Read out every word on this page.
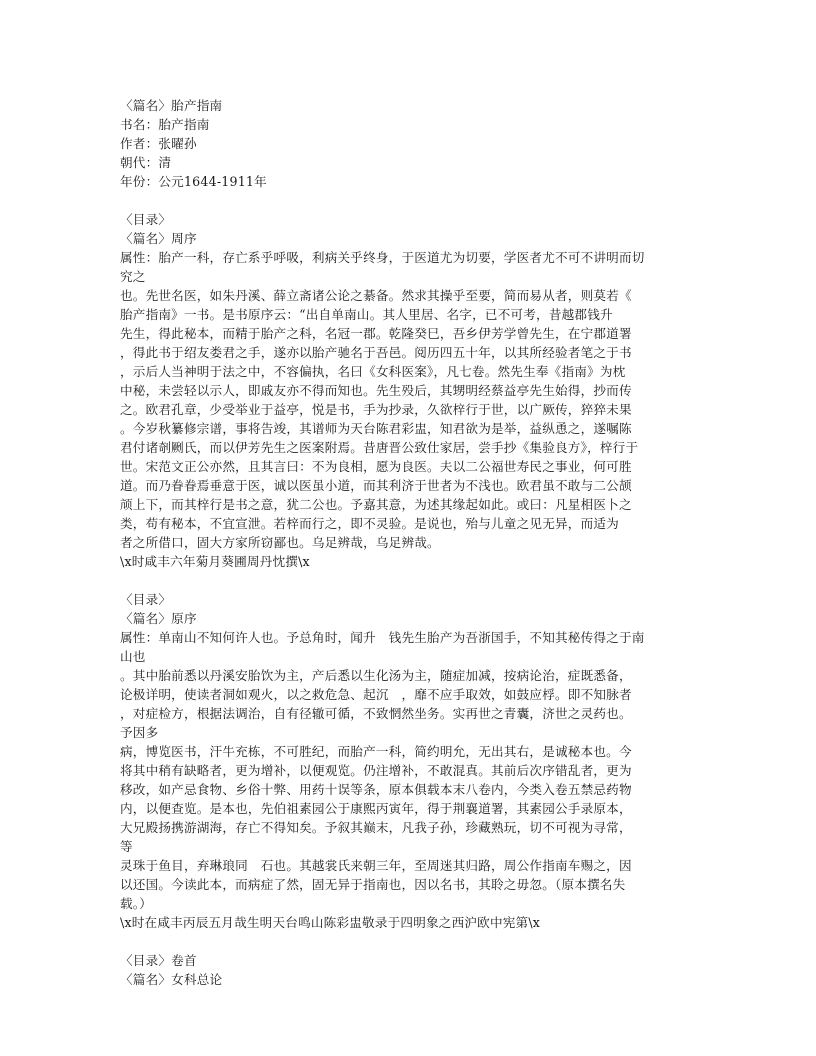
〈篇名〉胎产指南
书名：胎产指南
作者：张曜孙
朝代：清
年份：公元1644-1911年
〈目录〉
〈篇名〉周序
属性：胎产一科，存亡系乎呼吸，利病关乎终身，于医道尤为切要，学医者尤不可不讲明而切
究之
也。先世名医，如朱丹溪、薛立斋诸公论之綦备。然求其操乎至要，简而易从者，则莫若《
胎产指南》一书。是书原序云：“出自单南山。其人里居、名字，已不可考，昔越郡钱升
先生，得此秘本，而精于胎产之科，名冠一郡。乾隆癸巳，吾乡伊芳学曾先生，在宁郡道署
，得此书于绍友娄君之手，遂亦以胎产驰名于吾邑。阅历四五十年，以其所经验者笔之于书
，示后人当神明于法之中，不容偏执，名曰《女科医案》，凡七卷。然先生奉《指南》为枕
中秘，未尝轻以示人，即戚友亦不得而知也。先生殁后，其甥明经蔡益亭先生始得，抄而传
之。欧君孔章，少受举业于益亭，悦是书，手为抄录，久欲梓行于世，以广厥传，猝猝未果
。今岁秋纂修宗谱，事将告竣，其谱师为天台陈君彩盅，知君欲为是举，益纵恿之，遂嘱陈
君付诸剞劂氏，而以伊芳先生之医案附焉。昔唐晋公致仕家居，尝手抄《集验良方》，梓行于
世。宋范文正公亦然，且其言曰：不为良相，愿为良医。夫以二公福世寿民之事业，何可胜
道。而乃眷眷焉垂意于医，诚以医虽小道，而其利济于世者为不浅也。欧君虽不敢与二公颉
颃上下，而其梓行是书之意，犹二公也。予嘉其意，为述其缘起如此。或曰：凡星相医卜之
类，苟有秘本，不宜宣泄。若梓而行之，即不灵验。是说也，殆与儿童之见无异，而适为
者之所借口，固大方家所窃鄙也。乌足辨哉，乌足辨哉。
\x时咸丰六年菊月葵圃周丹忱撰\x
〈目录〉
〈篇名〉原序
属性：单南山不知何许人也。予总角时，闻升　钱先生胎产为吾浙国手，不知其秘传得之于南
山也
。其中胎前悉以丹溪安胎饮为主，产后悉以生化汤为主，随症加减，按病论治，症既悉备，
论极详明，使读者洞如观火，以之救危急、起沉　，靡不应手取效，如鼓应桴。即不知脉者
，对症检方，根据法调治，自有径辙可循，不致惘然坐务。实再世之青囊，济世之灵药也。
予因多
病，博览医书，汗牛充栋，不可胜纪，而胎产一科，简约明允，无出其右，是诚秘本也。今
将其中稍有缺略者，更为增补，以便观览。仍注增补，不敢混真。其前后次序错乱者，更为
移改，如产忌食物、乡俗十弊、用药十误等条，原本俱载本末八卷内，今类入卷五禁忌药物
内，以便查览。是本也，先伯祖素园公于康熙丙寅年，得于荆襄道署，其素园公手录原本，
大兄殿扬携游湖海，存亡不得知矣。予叙其巅末，凡我子孙，珍藏熟玩，切不可视为寻常，
等
灵珠于鱼目，弃琳琅同　石也。其越裳氏来朝三年，至周迷其归路，周公作指南车赐之，因
以还国。今读此本，而病症了然，固无异于指南也，因以名书，其聆之毋忽。（原本撰名失
载。）
\x时在咸丰丙辰五月哉生明天台鸣山陈彩盅敬录于四明象之西沪欧中宪第\x
〈目录〉卷首
〈篇名〉女科总论
